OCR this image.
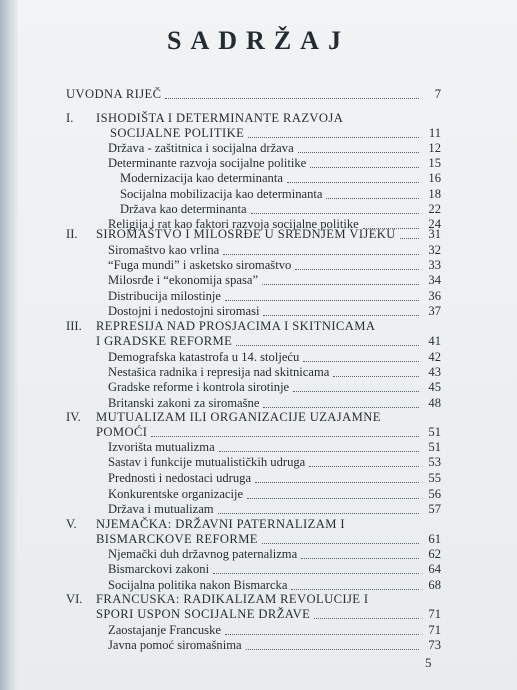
SADRŽAJ
UVODNA RIJEČ	7
I. ISHODIŠTA I DETERMINANTE RAZVOJA
SOCIJALNE POLITIKE	11
Država - zaštitnica i socijalna država	12
Determinante razvoja socijalne politike	15
Modernizacija kao determinanta	16
Socijalna mobilizacija kao determinanta	18
Država kao determinanta	22
Religija i rat kao faktori razvoja socijalne politike	24
II. SIROMAŠTVO I MILOSRĐE U SREDNJEM VIJEKU	31
Siromaštvo kao vrlina	32
“Fuga mundi” i asketsko siromaštvo	33
Milosrđe i “ekonomija spasa”	34
Distribucija milostinje	36
Dostojni i nedostojni siromasi	37
III. REPRESIJA NAD PROSJACIMA I SKITNICAMA
I GRADSKE REFORME	41
Demografska katastrofa u 14. stoljeću	42
Nestašica radnika i represija nad skitnicama	43
Gradske reforme i kontrola sirotinje	45
Britanski zakoni za siromašne	48
IV. MUTUALIZAM ILI ORGANIZACIJE UZAJAMNE
POMOĆI	51
Izvorišta mutualizma	51
Sastav i funkcije mutualističkih udruga	53
Prednosti i nedostaci udruga	55
Konkurentske organizacije	56
Država i mutualizam	57
V. NJEMAČKA: DRŽAVNI PATERNALIZAM I
BISMARCKOVE REFORME	61
Njemački duh državnog paternalizma	62
Bismarckovi zakoni	64
Socijalna politika nakon Bismarcka	68
VI. FRANCUSKA: RADIKALIZAM REVOLUCIJE I
SPORI USPON SOCIJALNE DRŽAVE	71
Zaostajanje Francuske	71
Javna pomoć siromašnima	73
5
